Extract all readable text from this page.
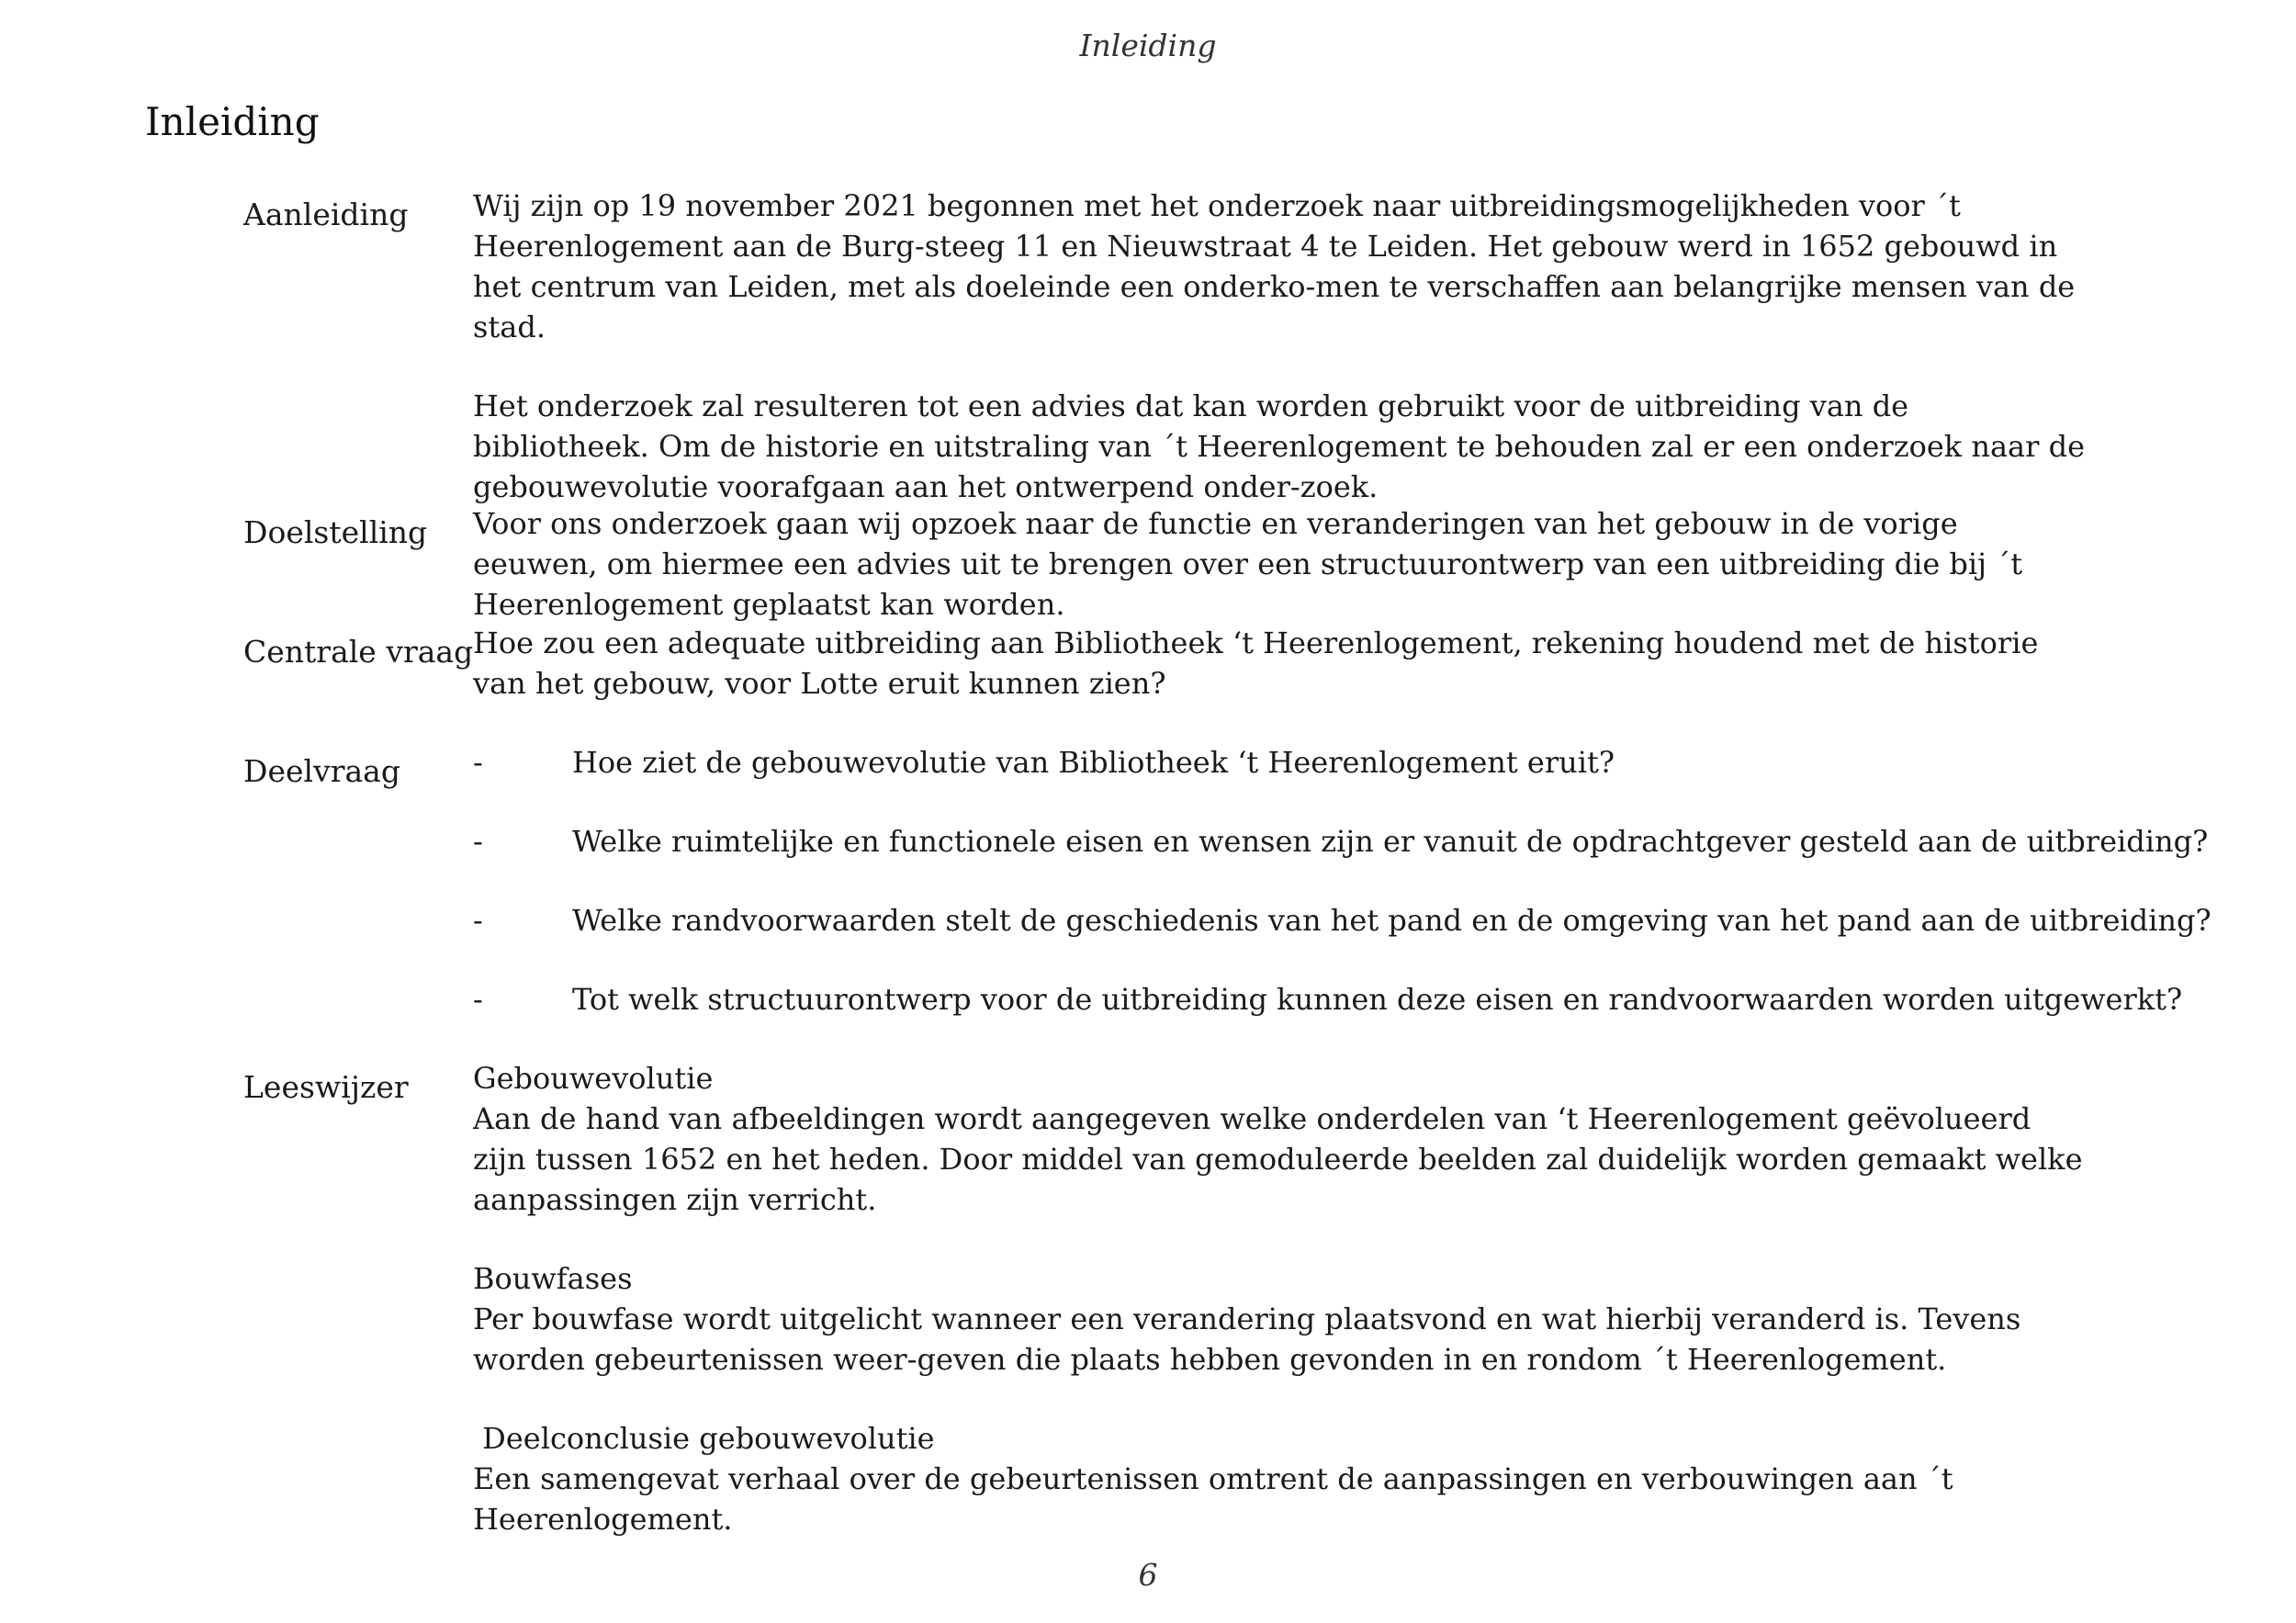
Inleiding
Inleiding
Aanleiding Wij zijn op 19 november 2021 begonnen met het onderzoek naar uitbreidingsmogelijkheden voor ´t Heerenlogement aan de Burg-steeg 11 en Nieuwstraat 4 te Leiden. Het gebouw werd in 1652 gebouwd in het centrum van Leiden, met als doeleinde een onderko-men te verschaffen aan belangrijke mensen van de stad.

Het onderzoek zal resulteren tot een advies dat kan worden gebruikt voor de uitbreiding van de bibliotheek. Om de historie en uitstraling van ´t Heerenlogement te behouden zal er een onderzoek naar de gebouwevolutie voorafgaan aan het ontwerpend onder-zoek.

Doelstelling Voor ons onderzoek gaan wij opzoek naar de functie en veranderingen van het gebouw in de vorige eeuwen, om hiermee een advies uit te brengen over een structuurontwerp van een uitbreiding die bij ´t Heerenlogement geplaatst kan worden.

Centrale vraag Hoe zou een adequate uitbreiding aan Bibliotheek ‘t Heerenlogement, rekening houdend met de historie van het gebouw, voor Lotte eruit kunnen zien?

Deelvraag -	Hoe ziet de gebouwevolutie van Bibliotheek ‘t Heerenlogement eruit?
-	Welke ruimtelijke en functionele eisen en wensen zijn er vanuit de opdrachtgever gesteld aan de uitbreiding?
-	Welke randvoorwaarden stelt de geschiedenis van het pand en de omgeving van het pand aan de uitbreiding?
-	Tot welk structuurontwerp voor de uitbreiding kunnen deze eisen en randvoorwaarden worden uitgewerkt?
Leeswijzer Gebouwevolutie

Aan de hand van afbeeldingen wordt aangegeven welke onderdelen van ‘t Heerenlogement geëvolueerd zijn tussen 1652 en het heden. Door middel van gemoduleerde beelden zal duidelijk worden gemaakt welke aanpassingen zijn verricht.

Bouwfases

Per bouwfase wordt uitgelicht wanneer een verandering plaatsvond en wat hierbij veranderd is. Tevens worden gebeurtenissen weer-geven die plaats hebben gevonden in en rondom ´t Heerenlogement.

Deelconclusie gebouwevolutie

Een samengevat verhaal over de gebeurtenissen omtrent de aanpassingen en verbouwingen aan ´t Heerenlogement.

6
